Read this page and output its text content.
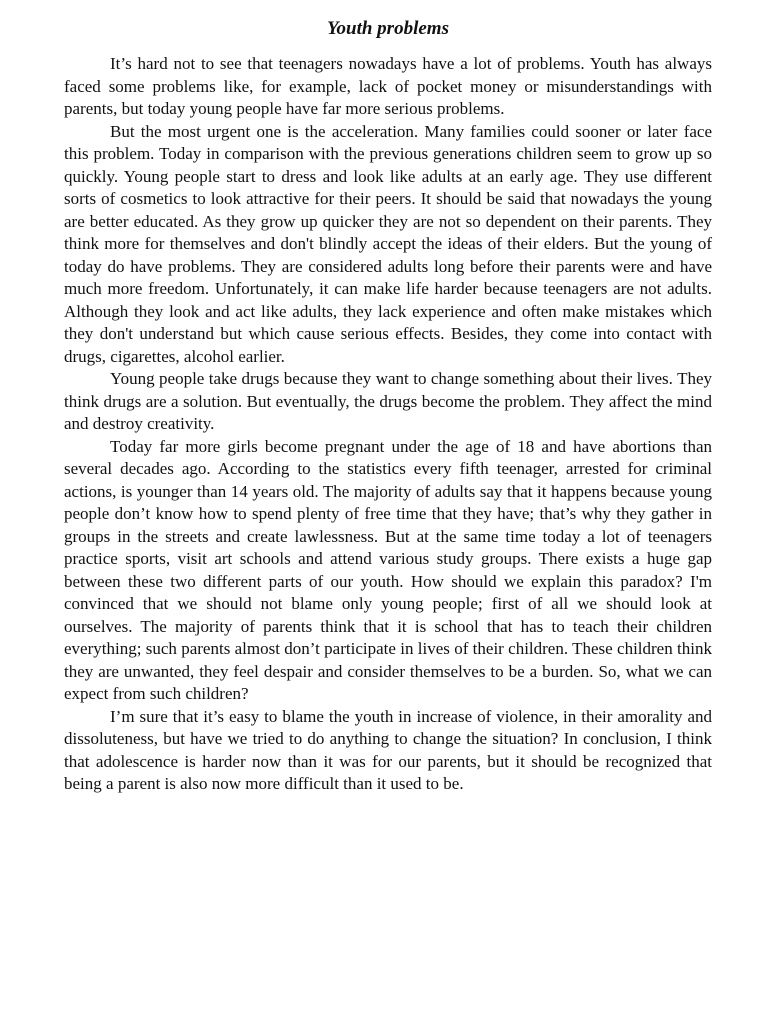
Youth problems

It’s hard not to see that teenagers nowadays have a lot of problems. Youth has always faced some problems like, for example, lack of pocket money or misunderstandings with parents, but today young people have far more serious problems.

But the most urgent one is the acceleration. Many families could sooner or later face this problem. Today in comparison with the previous generations children seem to grow up so quickly. Young people start to dress and look like adults at an early age. They use different sorts of cosmetics to look attractive for their peers. It should be said that nowadays the young are better educated. As they grow up quicker they are not so dependent on their parents. They think more for themselves and don't blindly accept the ideas of their elders. But the young of today do have problems. They are considered adults long before their parents were and have much more freedom. Unfortunately, it can make life harder because teenagers are not adults. Although they look and act like adults, they lack experience and often make mistakes which they don't understand but which cause serious effects. Besides, they come into contact with drugs, cigarettes, alcohol earlier.

Young people take drugs because they want to change something about their lives. They think drugs are a solution. But eventually, the drugs become the problem. They affect the mind and destroy creativity.

Today far more girls become pregnant under the age of 18 and have abortions than several decades ago. According to the statistics every fifth teenager, arrested for criminal actions, is younger than 14 years old. The majority of adults say that it happens because young people don’t know how to spend plenty of free time that they have; that’s why they gather in groups in the streets and create lawlessness. But at the same time today a lot of teenagers practice sports, visit art schools and attend various study groups. There exists a huge gap between these two different parts of our youth. How should we explain this paradox? I'm convinced that we should not blame only young people; first of all we should look at ourselves. The majority of parents think that it is school that has to teach their children everything; such parents almost don’t participate in lives of their children. These children think they are unwanted, they feel despair and consider themselves to be a burden. So, what we can expect from such children?

I’m sure that it’s easy to blame the youth in increase of violence, in their amorality and dissoluteness, but have we tried to do anything to change the situation? In conclusion, I think that adolescence is harder now than it was for our parents, but it should be recognized that being a parent is also now more difficult than it used to be.
